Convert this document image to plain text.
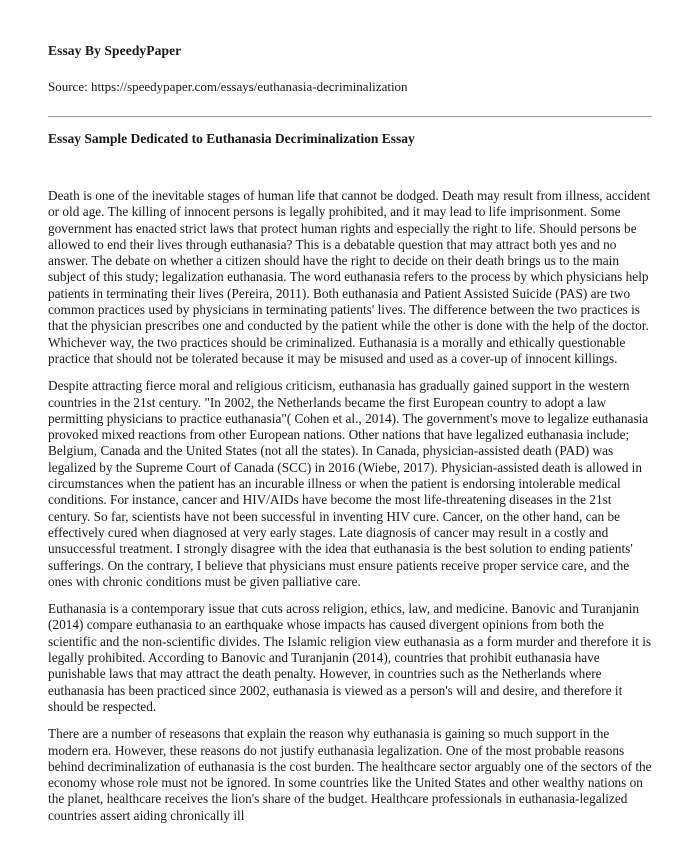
Essay By SpeedyPaper

Source: https://speedypaper.com/essays/euthanasia-decriminalization

Essay Sample Dedicated to Euthanasia Decriminalization Essay

Death is one of the inevitable stages of human life that cannot be dodged. Death may result from illness, accident or old age. The killing of innocent persons is legally prohibited, and it may lead to life imprisonment. Some government has enacted strict laws that protect human rights and especially the right to life. Should persons be allowed to end their lives through euthanasia? This is a debatable question that may attract both yes and no answer. The debate on whether a citizen should have the right to decide on their death brings us to the main subject of this study; legalization euthanasia. The word euthanasia refers to the process by which physicians help patients in terminating their lives (Pereira, 2011). Both euthanasia and Patient Assisted Suicide (PAS) are two common practices used by physicians in terminating patients' lives. The difference between the two practices is that the physician prescribes one and conducted by the patient while the other is done with the help of the doctor. Whichever way, the two practices should be criminalized. Euthanasia is a morally and ethically questionable practice that should not be tolerated because it may be misused and used as a cover-up of innocent killings.

Despite attracting fierce moral and religious criticism, euthanasia has gradually gained support in the western countries in the 21st century. "In 2002, the Netherlands became the first European country to adopt a law permitting physicians to practice euthanasia"( Cohen et al., 2014). The government's move to legalize euthanasia provoked mixed reactions from other European nations. Other nations that have legalized euthanasia include; Belgium, Canada and the United States (not all the states). In Canada, physician-assisted death (PAD) was legalized by the Supreme Court of Canada (SCC) in 2016 (Wiebe, 2017). Physician-assisted death is allowed in circumstances when the patient has an incurable illness or when the patient is endorsing intolerable medical conditions. For instance, cancer and HIV/AIDs have become the most life-threatening diseases in the 21st century. So far, scientists have not been successful in inventing HIV cure. Cancer, on the other hand, can be effectively cured when diagnosed at very early stages. Late diagnosis of cancer may result in a costly and unsuccessful treatment. I strongly disagree with the idea that euthanasia is the best solution to ending patients' sufferings. On the contrary, I believe that physicians must ensure patients receive proper service care, and the ones with chronic conditions must be given palliative care.

Euthanasia is a contemporary issue that cuts across religion, ethics, law, and medicine. Banovic and Turanjanin (2014) compare euthanasia to an earthquake whose impacts has caused divergent opinions from both the scientific and the non-scientific divides. The Islamic religion view euthanasia as a form murder and therefore it is legally prohibited. According to Banovic and Turanjanin (2014), countries that prohibit euthanasia have punishable laws that may attract the death penalty. However, in countries such as the Netherlands where euthanasia has been practiced since 2002, euthanasia is viewed as a person's will and desire, and therefore it should be respected.

There are a number of reseasons that explain the reason why euthanasia is gaining so much support in the modern era. However, these reasons do not justify euthanasia legalization. One of the most probable reasons behind decriminalization of euthanasia is the cost burden. The healthcare sector arguably one of the sectors of the economy whose role must not be ignored. In some countries like the United States and other wealthy nations on the planet, healthcare receives the lion's share of the budget. Healthcare professionals in euthanasia-legalized countries assert aiding chronically ill
